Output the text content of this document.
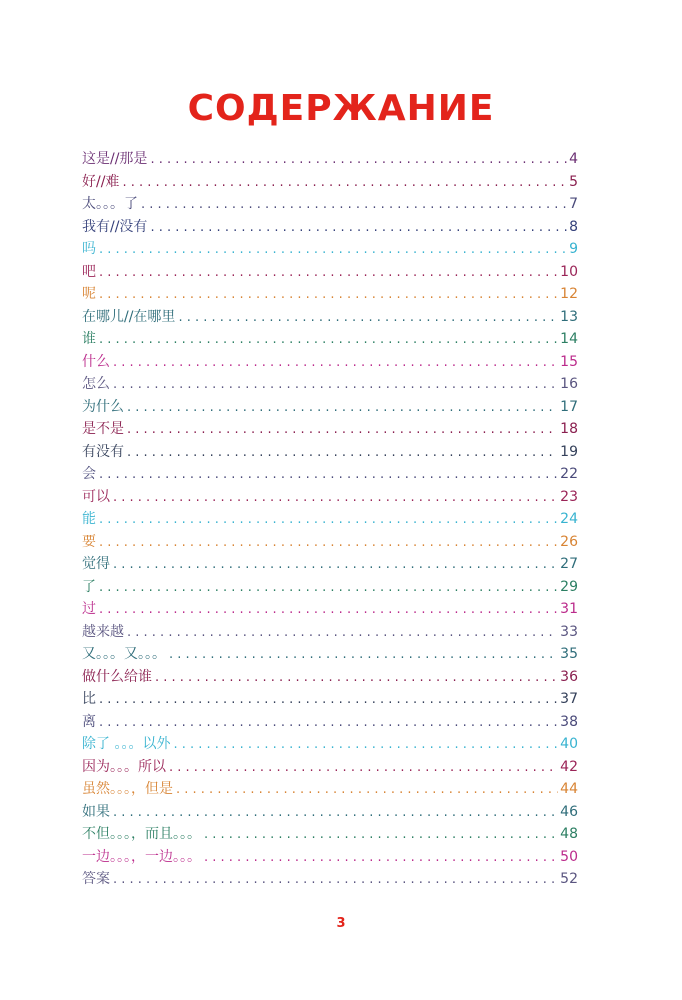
СОДЕРЖАНИЕ
这是//那是 . . .	4
好//难 . . .	5
太。。。了 . . .	7
我有//没有 . . .	8
吗 . . .	9
吧 . . .	10
呢 . . .	12
在哪儿//在哪里 . . .	13
谁 . . .	14
什么 . . .	15
怎么 . . .	16
为什么 . . .	17
是不是 . . .	18
有没有 . . .	19
会 . . .	22
可以 . . .	23
能 . . .	24
要 . . .	26
觉得 . . .	27
了 . . .	29
过 . . .	31
越来越 . . .	33
又。。。又。。。 . . .	35
做什么给谁 . . .	36
比 . . .	37
离 . . .	38
除了 。。。以外 . . .	40
因为。。。所以 . . .	42
虽然。。。，但是 . . .	44
如果 . . .	46
不但。。。，而且。。。 . . .	48
一边。。。，一边。。。 . . .	50
答案 . . .	52
3
